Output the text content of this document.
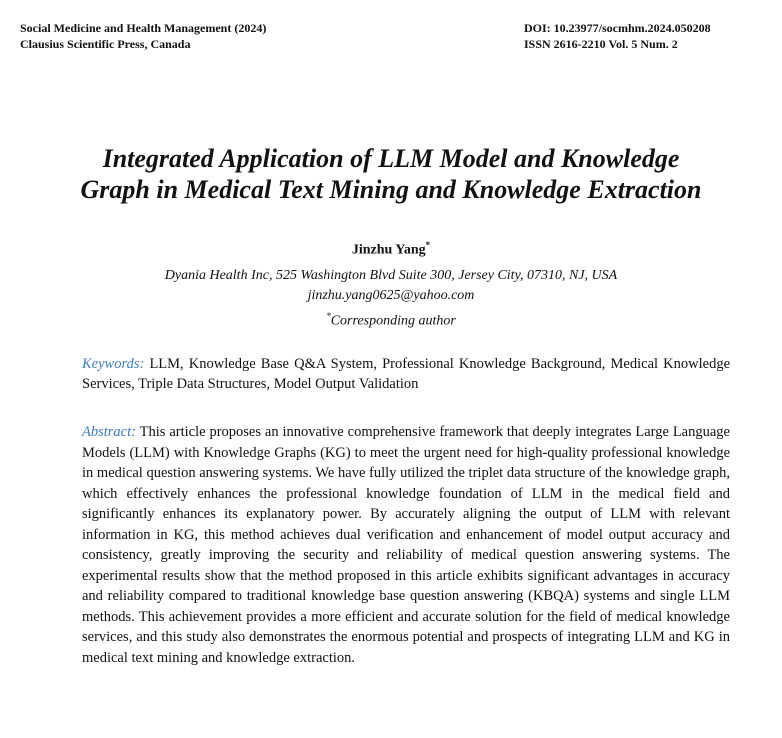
Social Medicine and Health Management (2024)
Clausius Scientific Press, Canada
DOI: 10.23977/socmhm.2024.050208
ISSN 2616-2210 Vol. 5 Num. 2
Integrated Application of LLM Model and Knowledge
Graph in Medical Text Mining and Knowledge Extraction
Jinzhu Yang*
Dyania Health Inc, 525 Washington Blvd Suite 300, Jersey City, 07310, NJ, USA
jinzhu.yang0625@yahoo.com
*Corresponding author
Keywords: LLM, Knowledge Base Q&A System, Professional Knowledge Background, Medical Knowledge Services, Triple Data Structures, Model Output Validation
Abstract: This article proposes an innovative comprehensive framework that deeply integrates Large Language Models (LLM) with Knowledge Graphs (KG) to meet the urgent need for high-quality professional knowledge in medical question answering systems. We have fully utilized the triplet data structure of the knowledge graph, which effectively enhances the professional knowledge foundation of LLM in the medical field and significantly enhances its explanatory power. By accurately aligning the output of LLM with relevant information in KG, this method achieves dual verification and enhancement of model output accuracy and consistency, greatly improving the security and reliability of medical question answering systems. The experimental results show that the method proposed in this article exhibits significant advantages in accuracy and reliability compared to traditional knowledge base question answering (KBQA) systems and single LLM methods. This achievement provides a more efficient and accurate solution for the field of medical knowledge services, and this study also demonstrates the enormous potential and prospects of integrating LLM and KG in medical text mining and knowledge extraction.
